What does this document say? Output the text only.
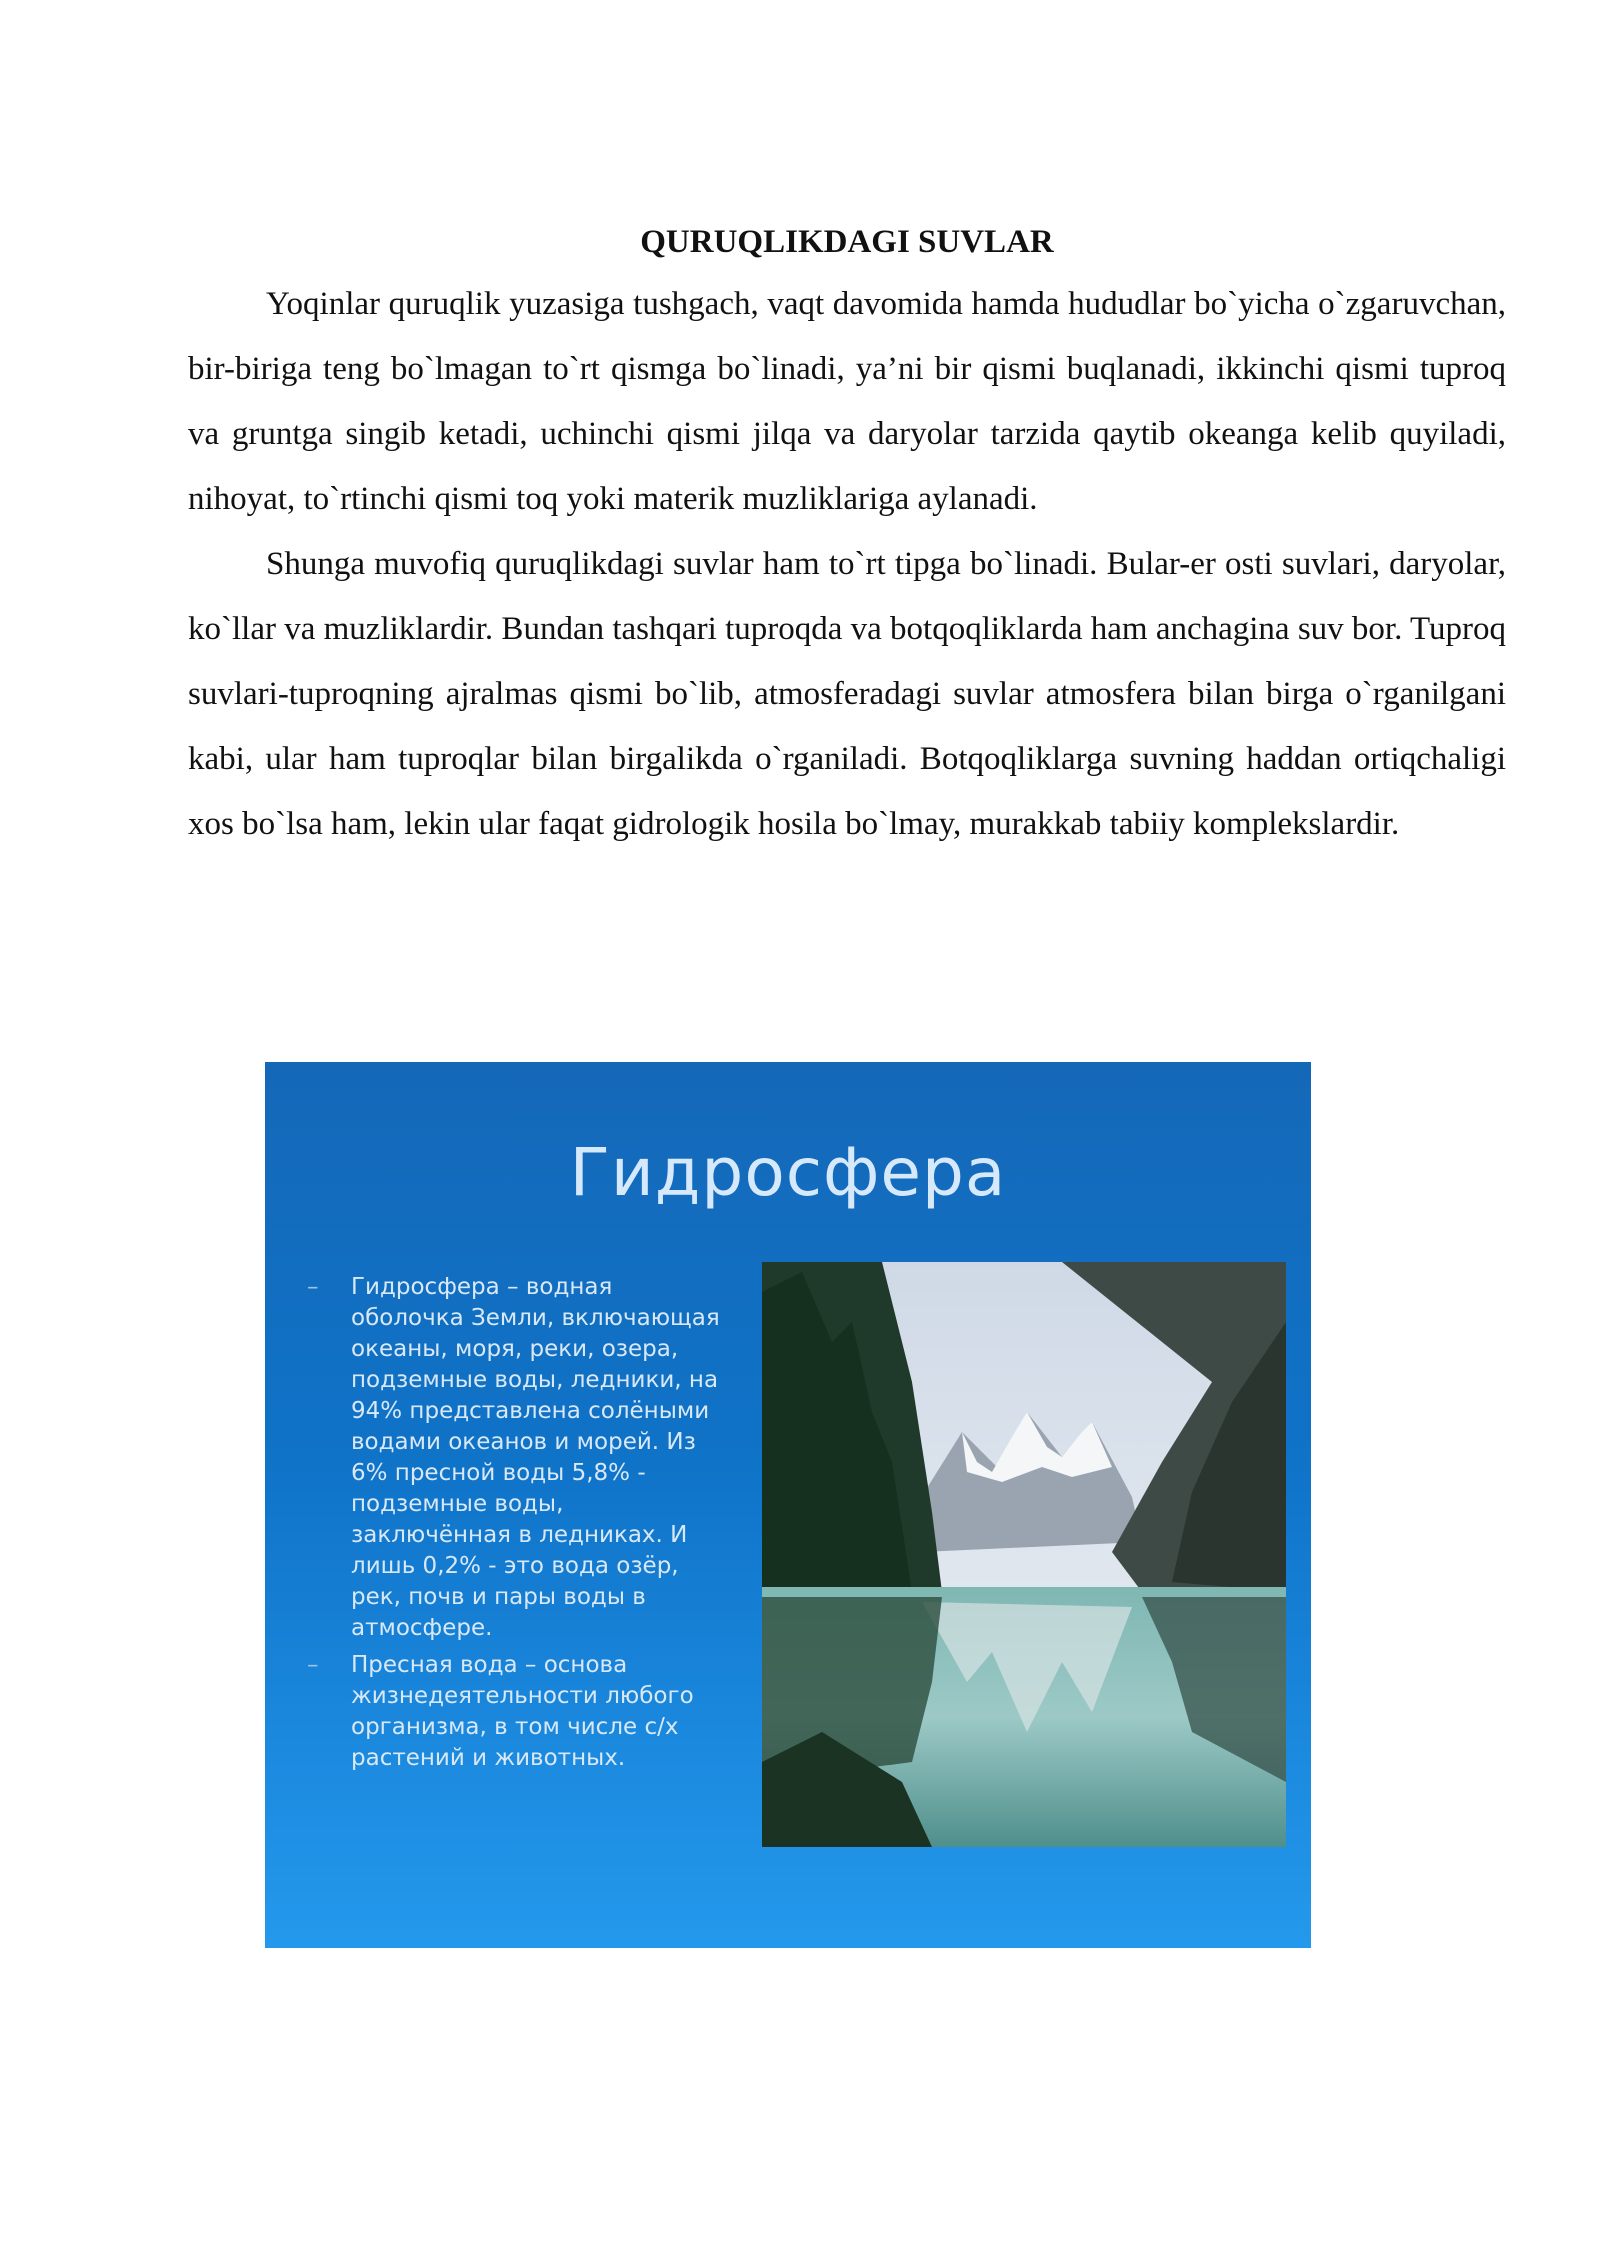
QURUQLIKDAGI SUVLAR

Yoqinlar quruqlik yuzasiga tushgach, vaqt davomida hamda hududlar bo`yicha o`zgaruvchan, bir-biriga teng bo`lmagan to`rt qismga bo`linadi, ya’ni bir qismi buqlanadi, ikkinchi qismi tuproq va gruntga singib ketadi, uchinchi qismi jilqa va daryolar tarzida qaytib okeanga kelib quyiladi, nihoyat, to`rtinchi qismi toq yoki materik muzliklariga aylanadi.

Shunga muvofiq quruqlikdagi suvlar ham to`rt tipga bo`linadi. Bular-er osti suvlari, daryolar, ko`llar va muzliklardir. Bundan tashqari tuproqda va botqoqliklarda ham anchagina suv bor. Tuproq suvlari-tuproqning ajralmas qismi bo`lib, atmosferadagi suvlar atmosfera bilan birga o`rganilgani kabi, ular ham tuproqlar bilan birgalikda o`rganiladi. Botqoqliklarga suvning haddan ortiqchaligi xos bo`lsa ham, lekin ular faqat gidrologik hosila bo`lmay, murakkab tabiiy komplekslardir.

Гидросфера
– Гидросфера – водная оболочка Земли, включающая океаны, моря, реки, озера, подземные воды, ледники, на 94% представлена солёными водами океанов и морей. Из 6% пресной воды 5,8% - подземные воды, заключённая в ледниках. И лишь 0,2% - это вода озёр, рек, почв и пары воды в атмосфере.
– Пресная вода – основа жизнедеятельности любого организма, в том числе с/х растений и животных.
